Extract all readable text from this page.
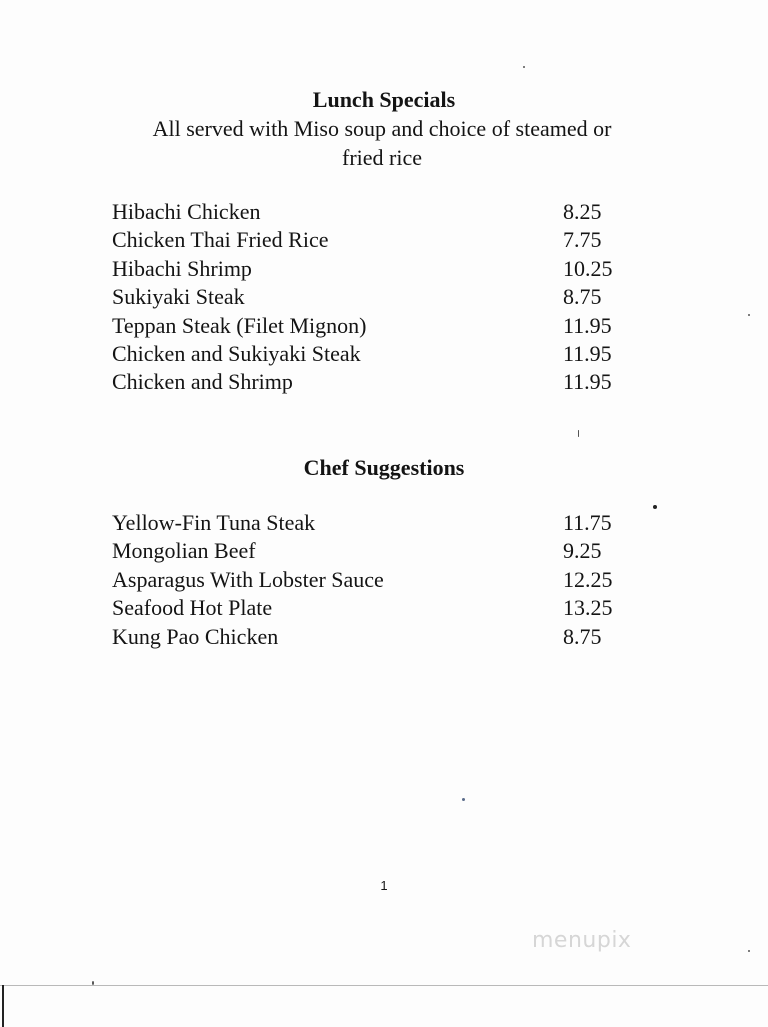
Lunch Specials

All served with Miso soup and choice of steamed or

fried rice

Hibachi Chicken	8.25
Chicken Thai Fried Rice	7.75
Hibachi Shrimp	10.25
Sukiyaki Steak	8.75
Teppan Steak (Filet Mignon)	11.95
Chicken and Sukiyaki Steak	11.95
Chicken and Shrimp	11.95
Chef Suggestions
Yellow-Fin Tuna Steak	11.75
Mongolian Beef	9.25
Asparagus With Lobster Sauce	12.25
Seafood Hot Plate	13.25
Kung Pao Chicken	8.75
1
menupix
